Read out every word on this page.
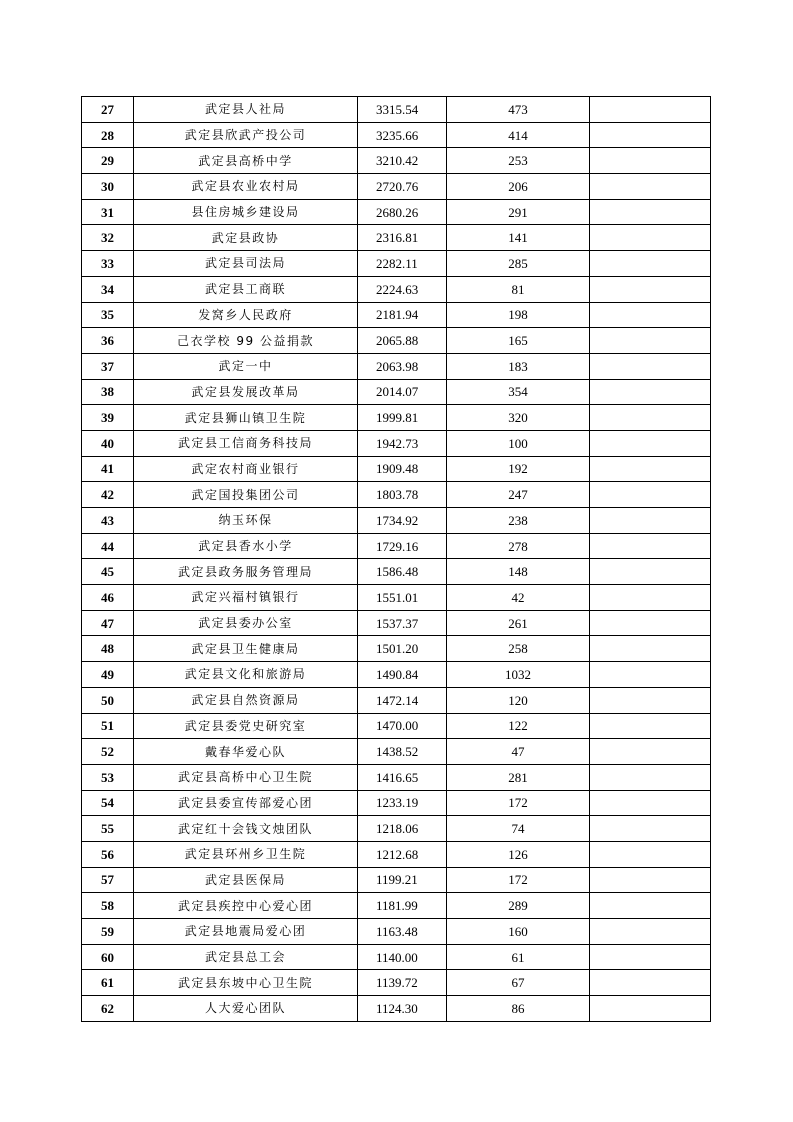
27	武定县人社局	3315.54	473	
28	武定县欣武产投公司	3235.66	414	
29	武定县高桥中学	3210.42	253	
30	武定县农业农村局	2720.76	206	
31	县住房城乡建设局	2680.26	291	
32	武定县政协	2316.81	141	
33	武定县司法局	2282.11	285	
34	武定县工商联	2224.63	81	
35	发窝乡人民政府	2181.94	198	
36	己衣学校 99 公益捐款	2065.88	165	
37	武定一中	2063.98	183	
38	武定县发展改革局	2014.07	354	
39	武定县狮山镇卫生院	1999.81	320	
40	武定县工信商务科技局	1942.73	100	
41	武定农村商业银行	1909.48	192	
42	武定国投集团公司	1803.78	247	
43	纳玉环保	1734.92	238	
44	武定县香水小学	1729.16	278	
45	武定县政务服务管理局	1586.48	148	
46	武定兴福村镇银行	1551.01	42	
47	武定县委办公室	1537.37	261	
48	武定县卫生健康局	1501.20	258	
49	武定县文化和旅游局	1490.84	1032	
50	武定县自然资源局	1472.14	120	
51	武定县委党史研究室	1470.00	122	
52	戴春华爱心队	1438.52	47	
53	武定县高桥中心卫生院	1416.65	281	
54	武定县委宣传部爱心团	1233.19	172	
55	武定红十会钱文烛团队	1218.06	74	
56	武定县环州乡卫生院	1212.68	126	
57	武定县医保局	1199.21	172	
58	武定县疾控中心爱心团	1181.99	289	
59	武定县地震局爱心团	1163.48	160	
60	武定县总工会	1140.00	61	
61	武定县东坡中心卫生院	1139.72	67	
62	人大爱心团队	1124.30	86	
